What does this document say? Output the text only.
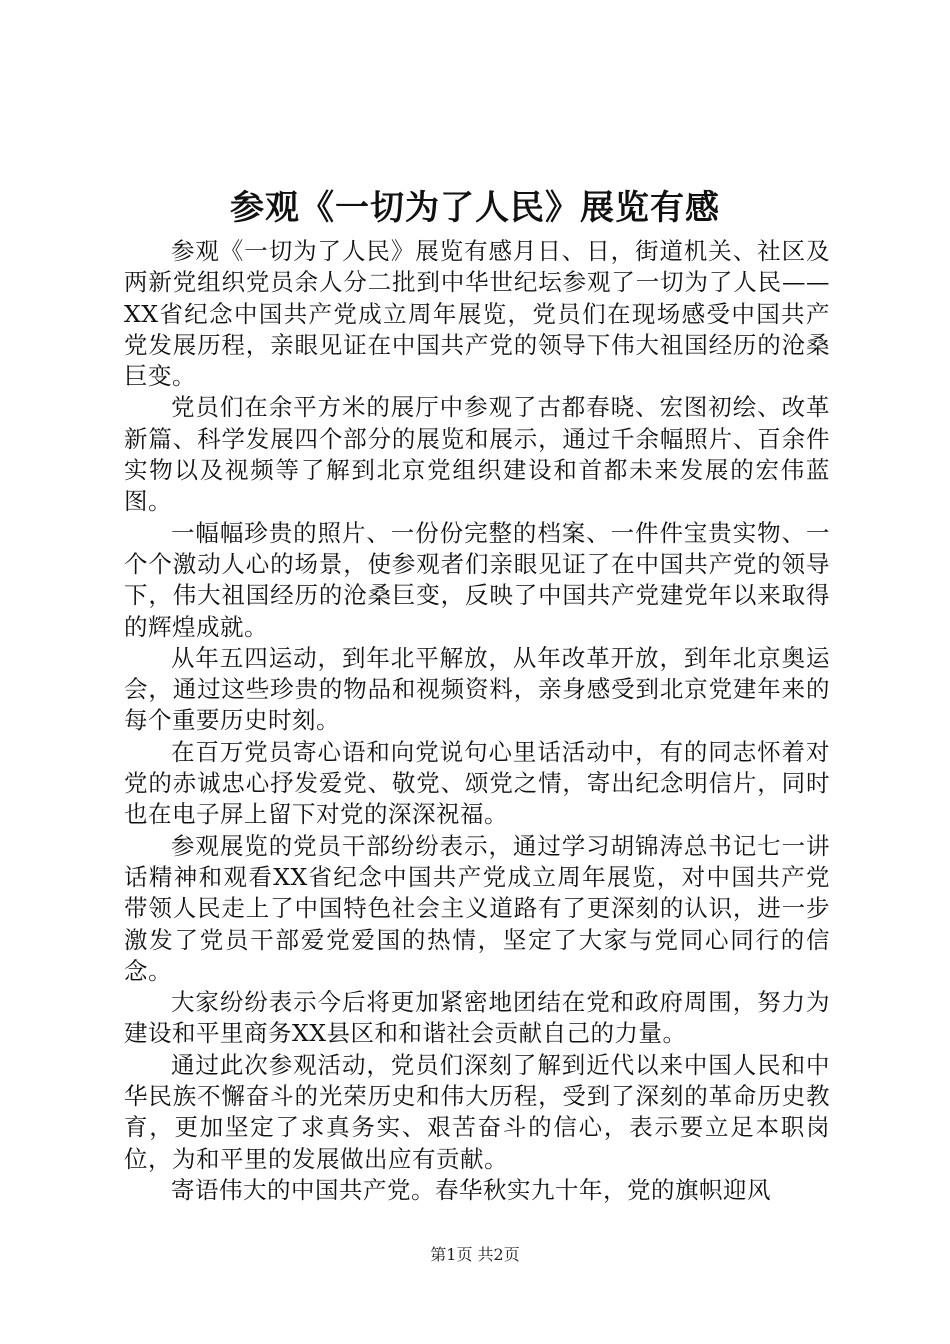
参观《一切为了人民》展览有感

参观《一切为了人民》展览有感月日、日，街道机关、社区及两新党组织党员余人分二批到中华世纪坛参观了一切为了人民——XX省纪念中国共产党成立周年展览，党员们在现场感受中国共产党发展历程，亲眼见证在中国共产党的领导下伟大祖国经历的沧桑巨变。

党员们在余平方米的展厅中参观了古都春晓、宏图初绘、改革新篇、科学发展四个部分的展览和展示，通过千余幅照片、百余件实物以及视频等了解到北京党组织建设和首都未来发展的宏伟蓝图。

一幅幅珍贵的照片、一份份完整的档案、一件件宝贵实物、一个个激动人心的场景，使参观者们亲眼见证了在中国共产党的领导下，伟大祖国经历的沧桑巨变，反映了中国共产党建党年以来取得的辉煌成就。

从年五四运动，到年北平解放，从年改革开放，到年北京奥运会，通过这些珍贵的物品和视频资料，亲身感受到北京党建年来的每个重要历史时刻。

在百万党员寄心语和向党说句心里话活动中，有的同志怀着对党的赤诚忠心抒发爱党、敬党、颂党之情，寄出纪念明信片，同时也在电子屏上留下对党的深深祝福。

参观展览的党员干部纷纷表示，通过学习胡锦涛总书记七一讲话精神和观看XX省纪念中国共产党成立周年展览，对中国共产党带领人民走上了中国特色社会主义道路有了更深刻的认识，进一步激发了党员干部爱党爱国的热情，坚定了大家与党同心同行的信念。

大家纷纷表示今后将更加紧密地团结在党和政府周围，努力为建设和平里商务XX县区和和谐社会贡献自己的力量。

通过此次参观活动，党员们深刻了解到近代以来中国人民和中华民族不懈奋斗的光荣历史和伟大历程，受到了深刻的革命历史教育，更加坚定了求真务实、艰苦奋斗的信心，表示要立足本职岗位，为和平里的发展做出应有贡献。

寄语伟大的中国共产党。春华秋实九十年，党的旗帜迎风

第1页 共2页
